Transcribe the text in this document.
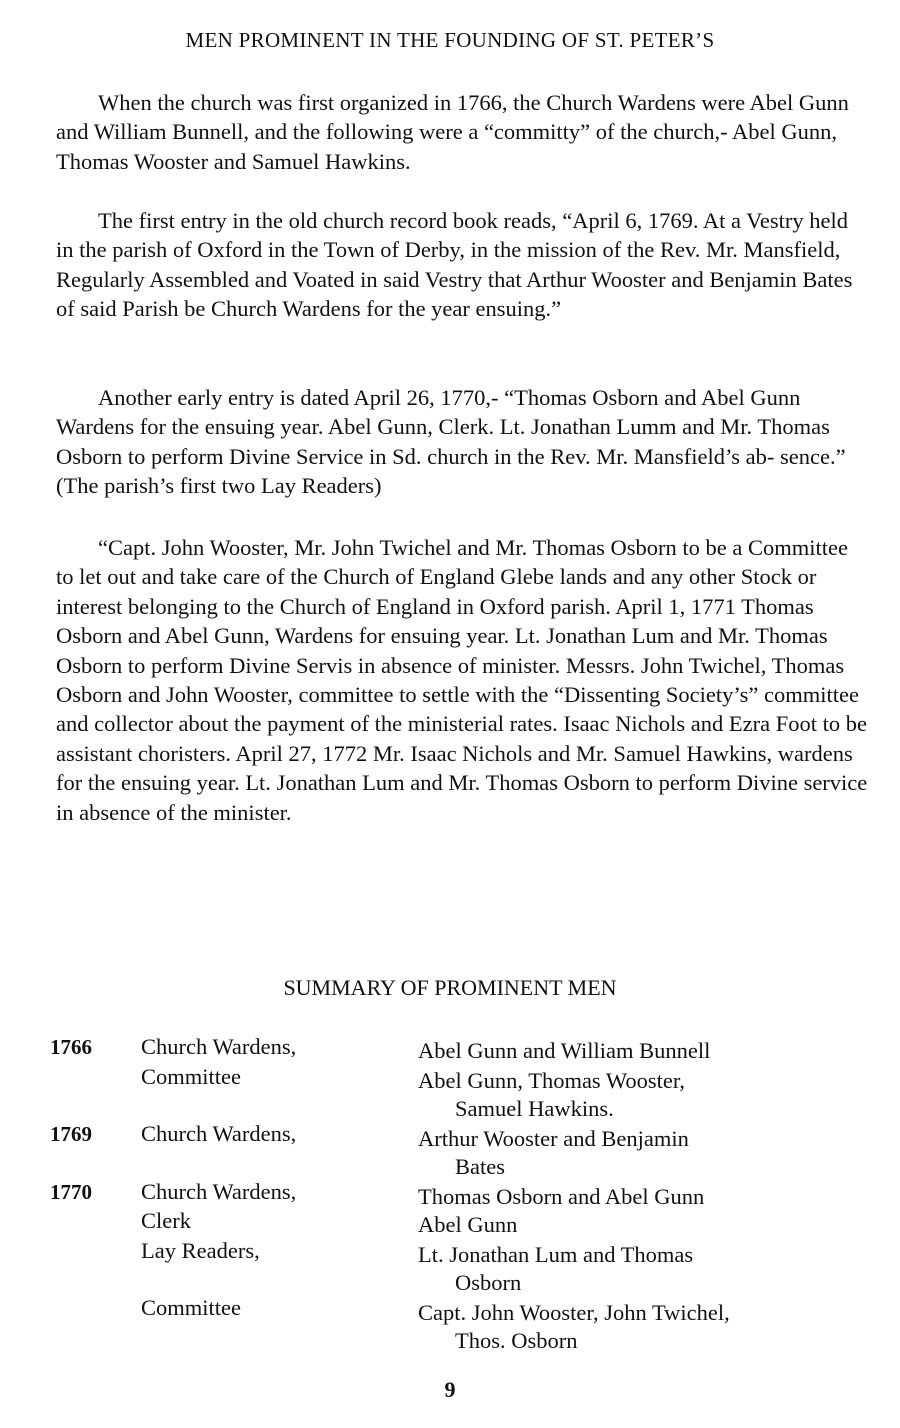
MEN PROMINENT IN THE FOUNDING OF ST. PETER’S
When the church was first organized in 1766, the Church Wardens were Abel Gunn and William Bunnell, and the following were a “committy” of the church,- Abel Gunn, Thomas Wooster and Samuel Hawkins.
The first entry in the old church record book reads, “April 6, 1769. At a Vestry held in the parish of Oxford in the Town of Derby, in the mission of the Rev. Mr. Mansfield, Regularly Assembled and Voated in said Vestry that Arthur Wooster and Benjamin Bates of said Parish be Church Wardens for the year ensuing.”
Another early entry is dated April 26, 1770,- “Thomas Osborn and Abel Gunn Wardens for the ensuing year. Abel Gunn, Clerk. Lt. Jonathan Lumm and Mr. Thomas Osborn to perform Divine Service in Sd. church in the Rev. Mr. Mansfield’s ab- sence.” (The parish’s first two Lay Readers)
“Capt. John Wooster, Mr. John Twichel and Mr. Thomas Osborn to be a Committee to let out and take care of the Church of England Glebe lands and any other Stock or interest belonging to the Church of England in Oxford parish. April 1, 1771 Thomas Osborn and Abel Gunn, Wardens for ensuing year. Lt. Jonathan Lum and Mr. Thomas Osborn to perform Divine Servis in absence of minister. Messrs. John Twichel, Thomas Osborn and John Wooster, committee to settle with the “Dissenting Society’s” committee and collector about the payment of the ministerial rates. Isaac Nichols and Ezra Foot to be assistant choristers. April 27, 1772 Mr. Isaac Nichols and Mr. Samuel Hawkins, wardens for the ensuing year. Lt. Jonathan Lum and Mr. Thomas Osborn to perform Divine service in absence of the minister.
SUMMARY OF PROMINENT MEN
1766 Church Wardens,	Abel Gunn and William Bunnell
Committee	Abel Gunn, Thomas Wooster,
Samuel Hawkins.
1769 Church Wardens,	Arthur Wooster and Benjamin
Bates
1770 Church Wardens,	Thomas Osborn and Abel Gunn
Clerk	Abel Gunn
Lay Readers,	Lt. Jonathan Lum and Thomas
Osborn
Committee	Capt. John Wooster, John Twichel,
Thos. Osborn
9
